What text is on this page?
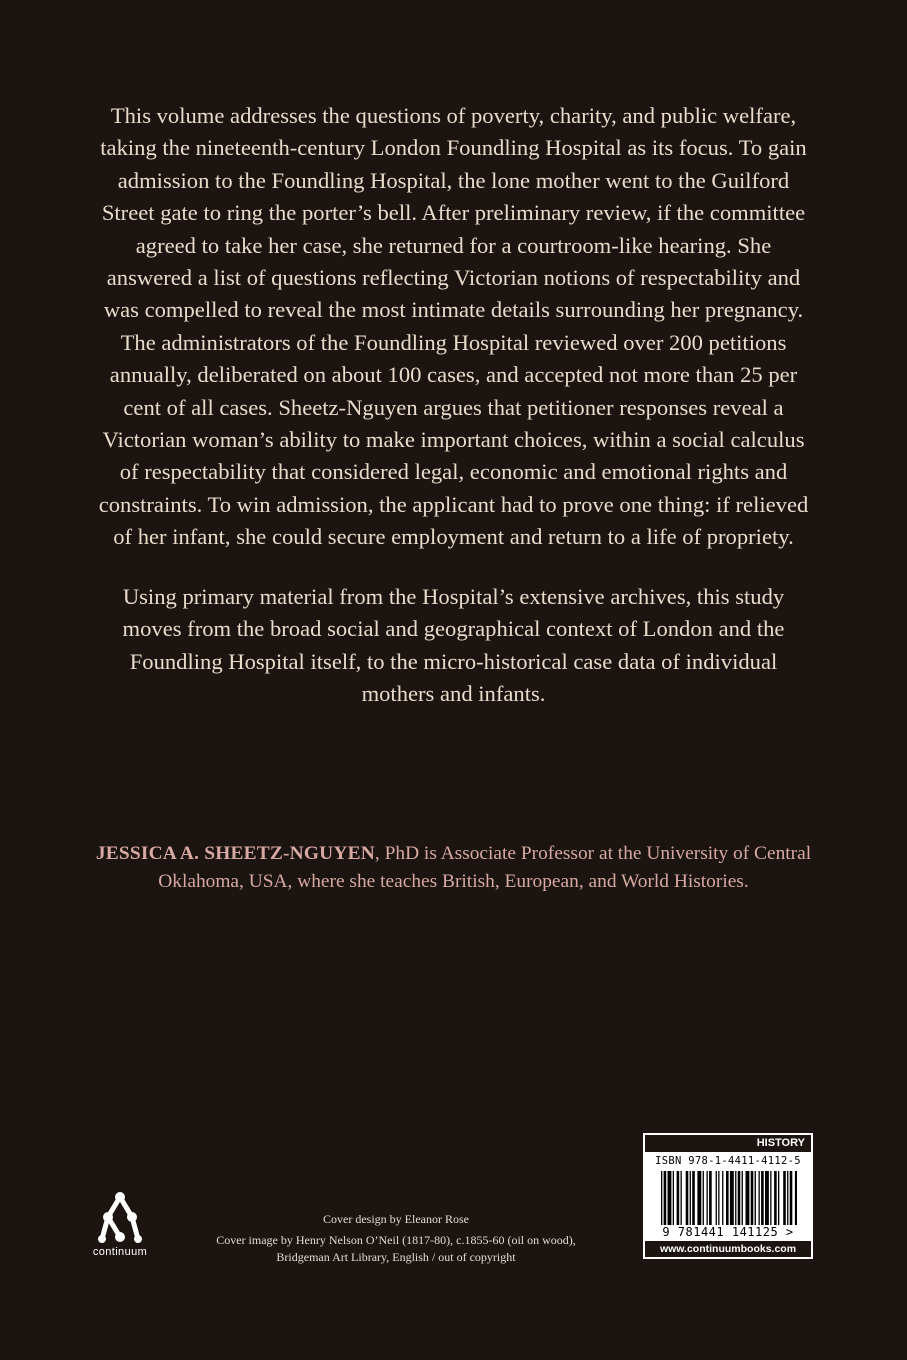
This volume addresses the questions of poverty, charity, and public welfare, taking the nineteenth-century London Foundling Hospital as its focus. To gain admission to the Foundling Hospital, the lone mother went to the Guilford Street gate to ring the porter’s bell. After preliminary review, if the committee agreed to take her case, she returned for a courtroom-like hearing. She answered a list of questions reflecting Victorian notions of respectability and was compelled to reveal the most intimate details surrounding her pregnancy. The administrators of the Foundling Hospital reviewed over 200 petitions annually, deliberated on about 100 cases, and accepted not more than 25 per cent of all cases. Sheetz-Nguyen argues that petitioner responses reveal a Victorian woman’s ability to make important choices, within a social calculus of respectability that considered legal, economic and emotional rights and constraints. To win admission, the applicant had to prove one thing: if relieved of her infant, she could secure employment and return to a life of propriety.

Using primary material from the Hospital’s extensive archives, this study moves from the broad social and geographical context of London and the Foundling Hospital itself, to the micro-historical case data of individual mothers and infants.

JESSICA A. SHEETZ-NGUYEN, PhD is Associate Professor at the University of Central Oklahoma, USA, where she teaches British, European, and World Histories.
continuum
Cover design by Eleanor Rose
Cover image by Henry Nelson O’Neil (1817-80), c.1855-60 (oil on wood), Bridgeman Art Library, English / out of copyright
HISTORY
ISBN 978-1-4411-4112-5
9 781441 141125 >
www.continuumbooks.com
